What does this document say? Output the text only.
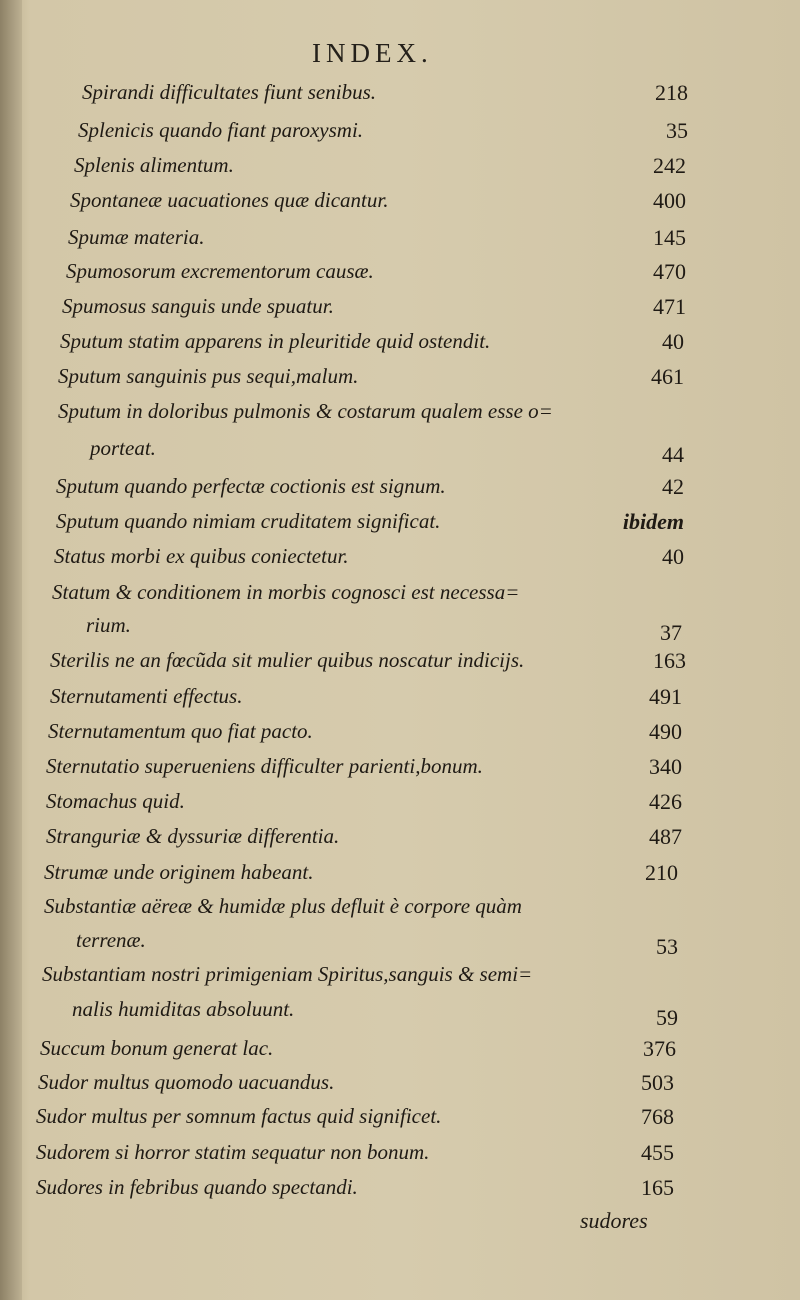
INDEX.
Spirandi difficultates fiunt senibus.	218
Splenicis quando fiant paroxysmi.	35
Splenis alimentum.	242
Spontaneæ uacuationes quæ dicantur.	400
Spumæ materia.	145
Spumosorum excrementorum causæ.	470
Spumosus sanguis unde spuatur.	471
Sputum statim apparens in pleuritide quid ostendit.	40
Sputum sanguinis pus sequi,malum.	461
Sputum in doloribus pulmonis & costarum qualem esse o=
porteat.	44
Sputum quando perfectæ coctionis est signum.	42
Sputum quando nimiam cruditatem significat.	ibidem
Status morbi ex quibus coniectetur.	40
Statum & conditionem in morbis cognosci est necessa=
rium.	37
Sterilis ne an fœcũda sit mulier quibus noscatur indicijs.	163
Sternutamenti effectus.	491
Sternutamentum quo fiat pacto.	490
Sternutatio superueniens difficulter parienti,bonum.	340
Stomachus quid.	426
Stranguriæ & dyssuriæ differentia.	487
Strumæ unde originem habeant.	210
Substantiæ aëreæ & humidæ plus defluit è corpore quàm
terrenæ.	53
Substantiam nostri primigeniam Spiritus,sanguis & semi=
nalis humiditas absoluunt.	59
Succum bonum generat lac.	376
Sudor multus quomodo uacuandus.	503
Sudor multus per somnum factus quid significet.	768
Sudorem si horror statim sequatur non bonum.	455
Sudores in febribus quando spectandi.	165
sudores
